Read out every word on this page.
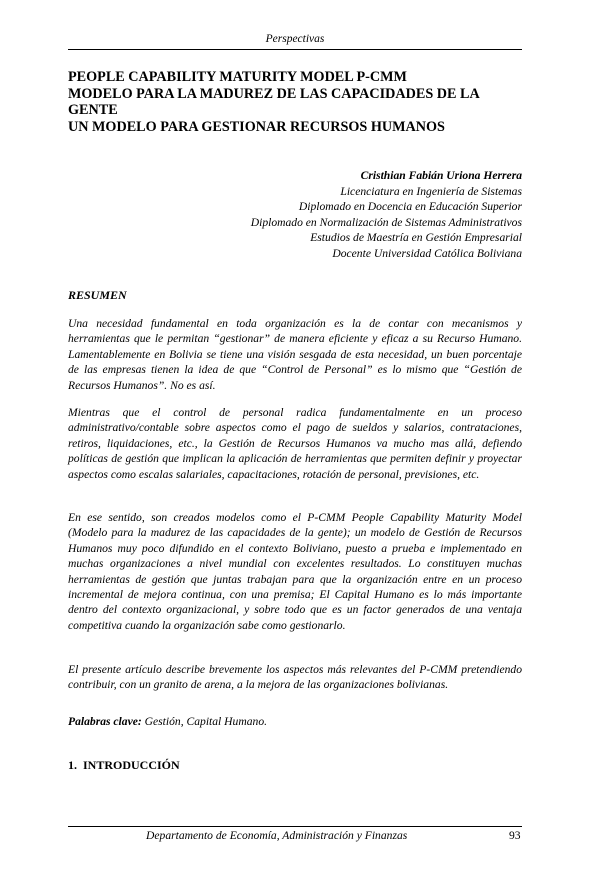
Perspectivas
PEOPLE CAPABILITY MATURITY MODEL P-CMM
MODELO PARA LA MADUREZ DE LAS CAPACIDADES DE LA
GENTE
UN MODELO PARA GESTIONAR RECURSOS HUMANOS
Cristhian Fabián Uriona Herrera
Licenciatura en Ingeniería de Sistemas
Diplomado en Docencia en Educación Superior
Diplomado en Normalización de Sistemas Administrativos
Estudios de Maestría en Gestión Empresarial
Docente Universidad Católica Boliviana
RESUMEN

Una necesidad fundamental en toda organización es la de contar con mecanismos y herramientas que le permitan “gestionar” de manera eficiente y eficaz a su Recurso Humano. Lamentablemente en Bolivia se tiene una visión sesgada de esta necesidad, un buen porcentaje de las empresas tienen la idea de que “Control de Personal” es lo mismo que “Gestión de Recursos Humanos”. No es así.

Mientras que el control de personal radica fundamentalmente en un proceso administrativo/contable sobre aspectos como el pago de sueldos y salarios, contrataciones, retiros, liquidaciones, etc., la Gestión de Recursos Humanos va mucho mas allá, defiendo políticas de gestión que implican la aplicación de herramientas que permiten definir y proyectar aspectos como escalas salariales, capacitaciones, rotación de personal, previsiones, etc.

En ese sentido, son creados modelos como el P-CMM People Capability Maturity Model (Modelo para la madurez de las capacidades de la gente); un modelo de Gestión de Recursos Humanos muy poco difundido en el contexto Boliviano, puesto a prueba e implementado en muchas organizaciones a nivel mundial con excelentes resultados. Lo constituyen muchas herramientas de gestión que juntas trabajan para que la organización entre en un proceso incremental de mejora continua, con una premisa; El Capital Humano es lo más importante dentro del contexto organizacional, y sobre todo que es un factor generados de una ventaja competitiva cuando la organización sabe como gestionarlo.

El presente artículo describe brevemente los aspectos más relevantes del P-CMM pretendiendo contribuir, con un granito de arena, a la mejora de las organizaciones bolivianas.

Palabras clave: Gestión, Capital Humano.
1. INTRODUCCIÓN
Departamento de Economía, Administración y Finanzas	93
